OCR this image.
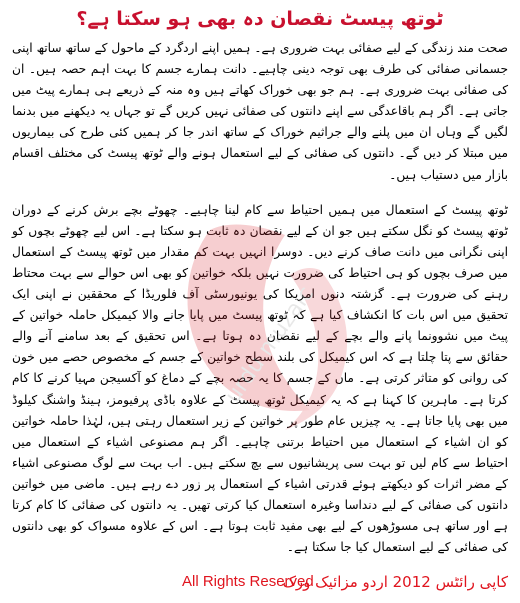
ٹوتھ پیسٹ نقصان دہ بھی ہو سکتا ہے؟

صحت مند زندگی کے لیے صفائی بہت ضروری ہے۔ ہمیں اپنے اردگرد کے ماحول کے ساتھ ساتھ اپنی جسمانی صفائی کی طرف بھی توجہ دینی چاہیے۔ دانت ہمارے جسم کا بہت اہم حصہ ہیں۔ ان کی صفائی بہت ضروری ہے۔ ہم جو بھی خوراک کھاتے ہیں وہ منہ کے ذریعے ہی ہمارے پیٹ میں جاتی ہے۔ اگر ہم باقاعدگی سے اپنے دانتوں کی صفائی نہیں کریں گے تو جہاں یہ دیکھنے میں بدنما لگیں گے وہاں ان میں پلنے والے جراثیم خوراک کے ساتھ اندر جا کر ہمیں کئی طرح کی بیماریوں میں مبتلا کر دیں گے۔ دانتوں کی صفائی کے لیے استعمال ہونے والے ٹوتھ پیسٹ کی مختلف اقسام بازار میں دستیاب ہیں۔

ٹوتھ پیسٹ کے استعمال میں ہمیں احتیاط سے کام لینا چاہیے۔ چھوٹے بچے برش کرنے کے دوران ٹوتھ پیسٹ کو نگل سکتے ہیں جو ان کے لیے نقصان دہ ثابت ہو سکتا ہے۔ اس لیے چھوٹے بچوں کو اپنی نگرانی میں دانت صاف کرنے دیں۔ دوسرا انہیں بہت کم مقدار میں ٹوتھ پیسٹ کے استعمال میں صرف بچوں کو ہی احتیاط کی ضرورت نہیں بلکہ خواتین کو بھی اس حوالے سے بہت محتاط رہنے کی ضرورت ہے۔ گزشتہ دنوں امریکا کی یونیورسٹی آف فلوریڈا کے محققین نے اپنی ایک تحقیق میں اس بات کا انکشاف کیا ہے کہ ٹوتھ پیسٹ میں پایا جانے والا کیمیکل حاملہ خواتین کے پیٹ میں نشوونما پانے والے بچے کے لیے نقصان دہ ہوتا ہے۔ اس تحقیق کے بعد سامنے آنے والے حقائق سے پتا چلتا ہے کہ اس کیمیکل کی بلند سطح خواتین کے جسم کے مخصوص حصے میں خون کی روانی کو متاثر کرتی ہے۔ ماں کے جسم کا یہ حصہ بچے کے دماغ کو آکسیجن مہیا کرنے کا کام کرتا ہے۔ ماہرین کا کہنا ہے کہ یہ کیمیکل ٹوتھ پیسٹ کے علاوہ باڈی پرفیومز، ہینڈ واشنگ کیلوڈ میں بھی پایا جاتا ہے۔ یہ چیزیں عام طور پر خواتین کے زیر استعمال رہتی ہیں، لہٰذا حاملہ خواتین کو ان اشیاء کے استعمال میں احتیاط برتنی چاہیے۔ اگر ہم مصنوعی اشیاء کے استعمال میں احتیاط سے کام لیں تو بہت سی پریشانیوں سے بچ سکتے ہیں۔ اب بہت سے لوگ مصنوعی اشیاء کے مضر اثرات کو دیکھتے ہوئے قدرتی اشیاء کے استعمال پر زور دے رہے ہیں۔ ماضی میں خواتین دانتوں کی صفائی کے لیے دنداسا وغیرہ استعمال کیا کرتی تھیں۔ یہ دانتوں کی صفائی کا کام کرتا ہے اور ساتھ ہی مسوڑھوں کے لیے بھی مفید ثابت ہوتا ہے۔ اس کے علاوہ مسواک کو بھی دانتوں کی صفائی کے لیے استعمال کیا جا سکتا ہے۔

urdu muzaic
All Rights Reserved
کاپی رائٹس 2012 اردو مزائیک ورک
